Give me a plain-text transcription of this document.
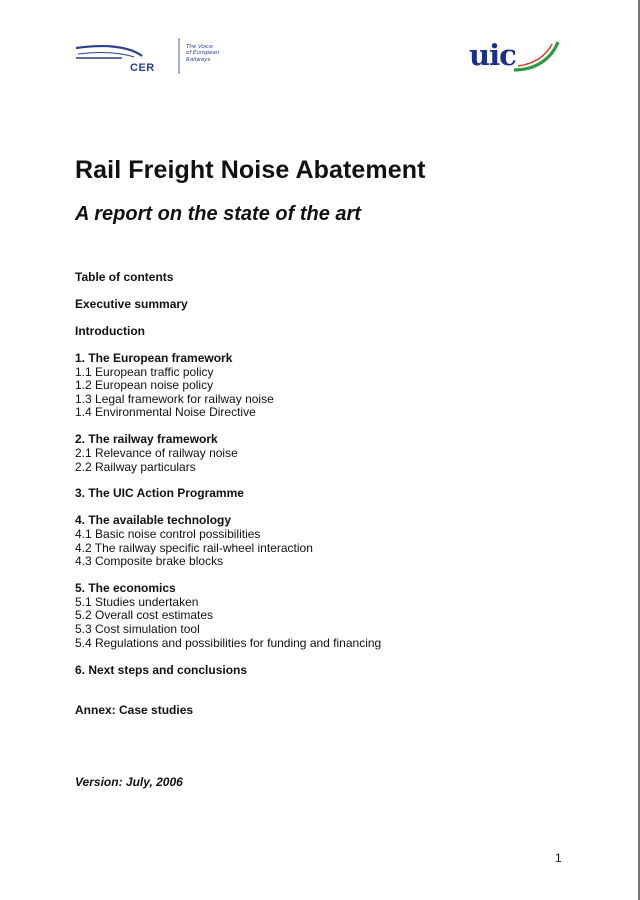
CER
The Voice
of European
Railways	uic
Rail Freight Noise Abatement
A report on the state of the art
Table of contents
Executive summary
Introduction
1. The European framework
1.1 European traffic policy
1.2 European noise policy
1.3 Legal framework for railway noise
1.4 Environmental Noise Directive
2. The railway framework
2.1 Relevance of railway noise
2.2 Railway particulars
3. The UIC Action Programme
4. The available technology
4.1 Basic noise control possibilities
4.2 The railway specific rail-wheel interaction
4.3 Composite brake blocks
5. The economics
5.1 Studies undertaken
5.2 Overall cost estimates
5.3 Cost simulation tool
5.4 Regulations and possibilities for funding and financing
6. Next steps and conclusions
Annex: Case studies
Version: July, 2006
1
